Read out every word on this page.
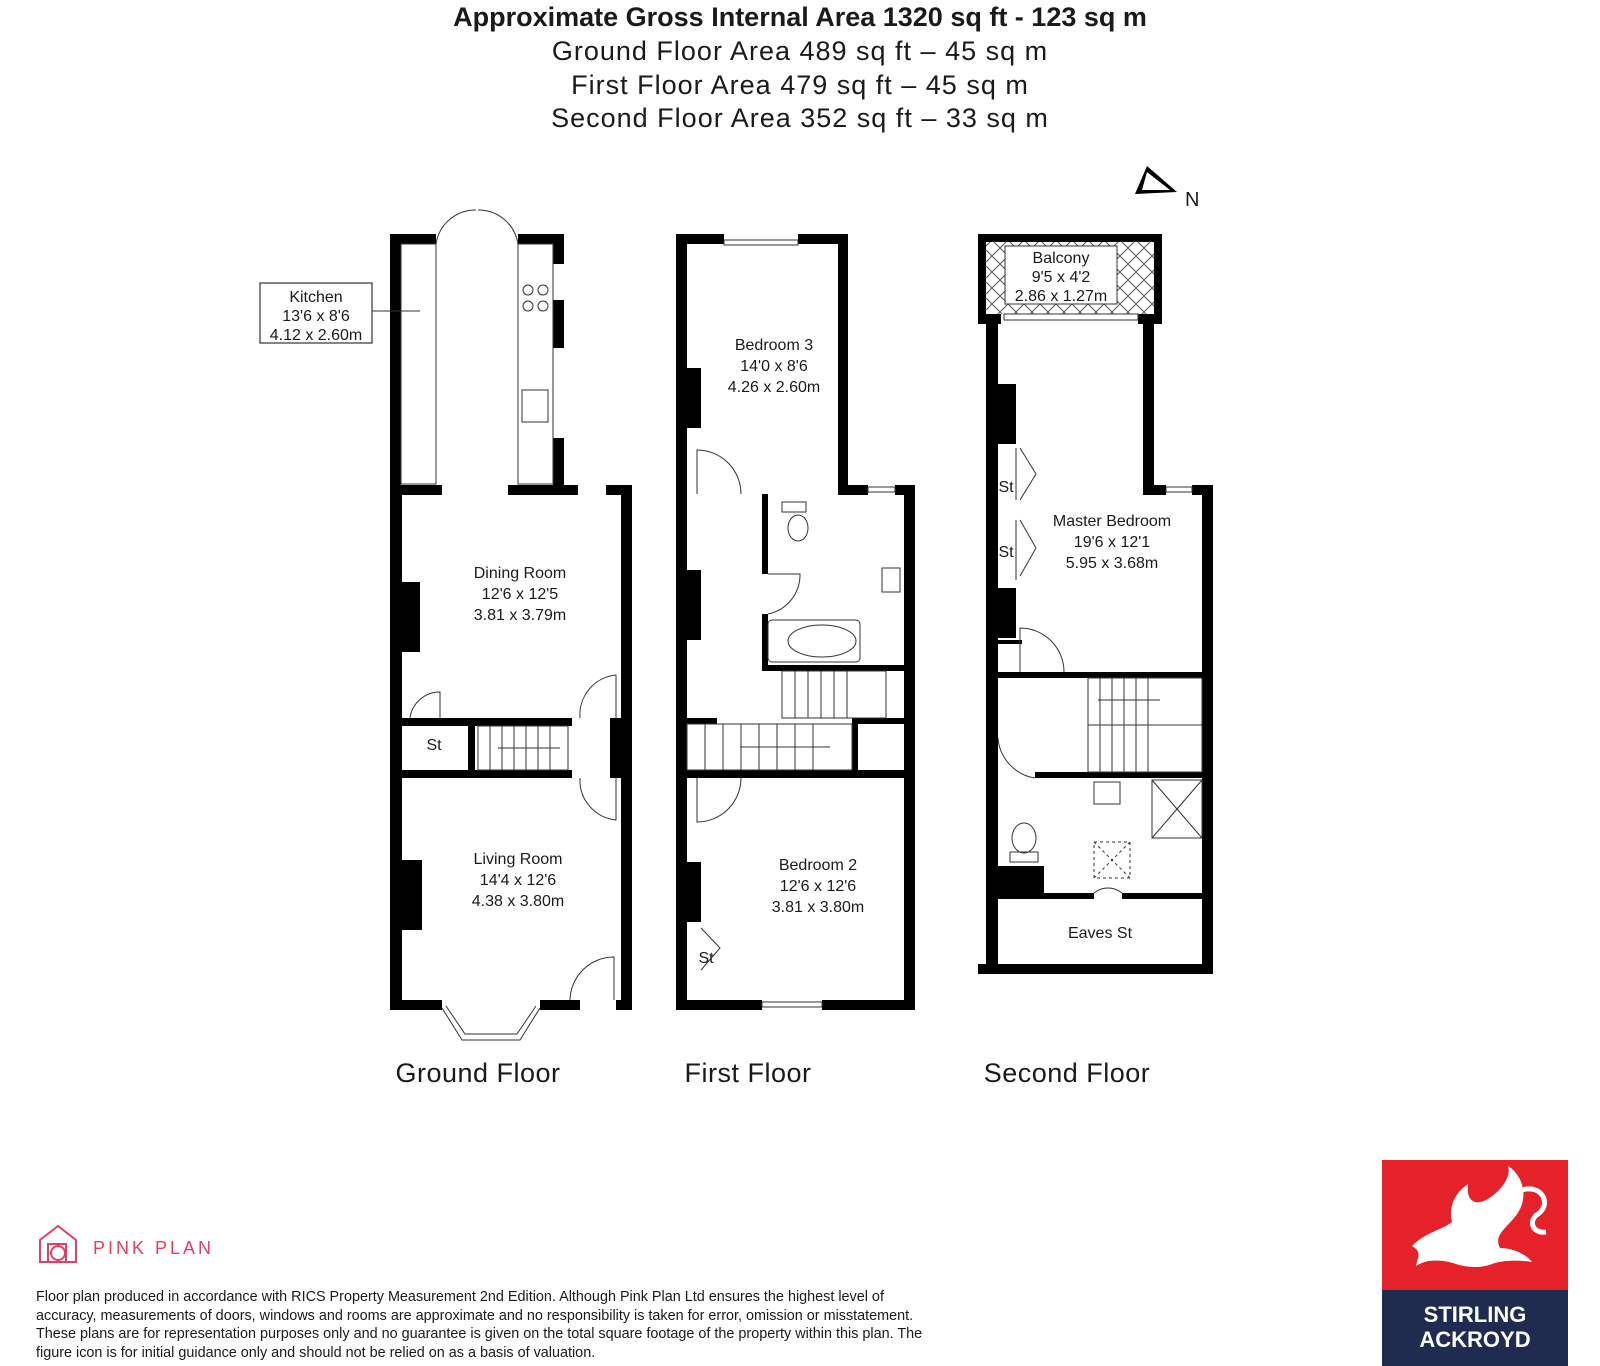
Approximate Gross Internal Area 1320 sq ft - 123 sq m
Ground Floor Area 489 sq ft – 45 sq m
First Floor Area 479 sq ft – 45 sq m
Second Floor Area 352 sq ft – 33 sq m
N
Kitchen
13'6 x 8'6
4.12 x 2.60m
Dining Room
12'6 x 12'5
3.81 x 3.79m
St
Living Room
14'4 x 12'6
4.38 x 3.80m
Ground Floor
Bedroom 3
14'0 x 8'6
4.26 x 2.60m
Bedroom 2
12'6 x 12'6
3.81 x 3.80m
St
First Floor
Balcony
9'5 x 4'2
2.86 x 1.27m
Master Bedroom
19'6 x 12'1
5.95 x 3.68m
St
St
Eaves St
Second Floor
PINK PLAN
Floor plan produced in accordance with RICS Property Measurement 2nd Edition. Although Pink Plan Ltd ensures the highest level of accuracy, measurements of doors, windows and rooms are approximate and no responsibility is taken for error, omission or misstatement. These plans are for representation purposes only and no guarantee is given on the total square footage of the property within this plan. The figure icon is for initial guidance only and should not be relied on as a basis of valuation.
STIRLING
ACKROYD
